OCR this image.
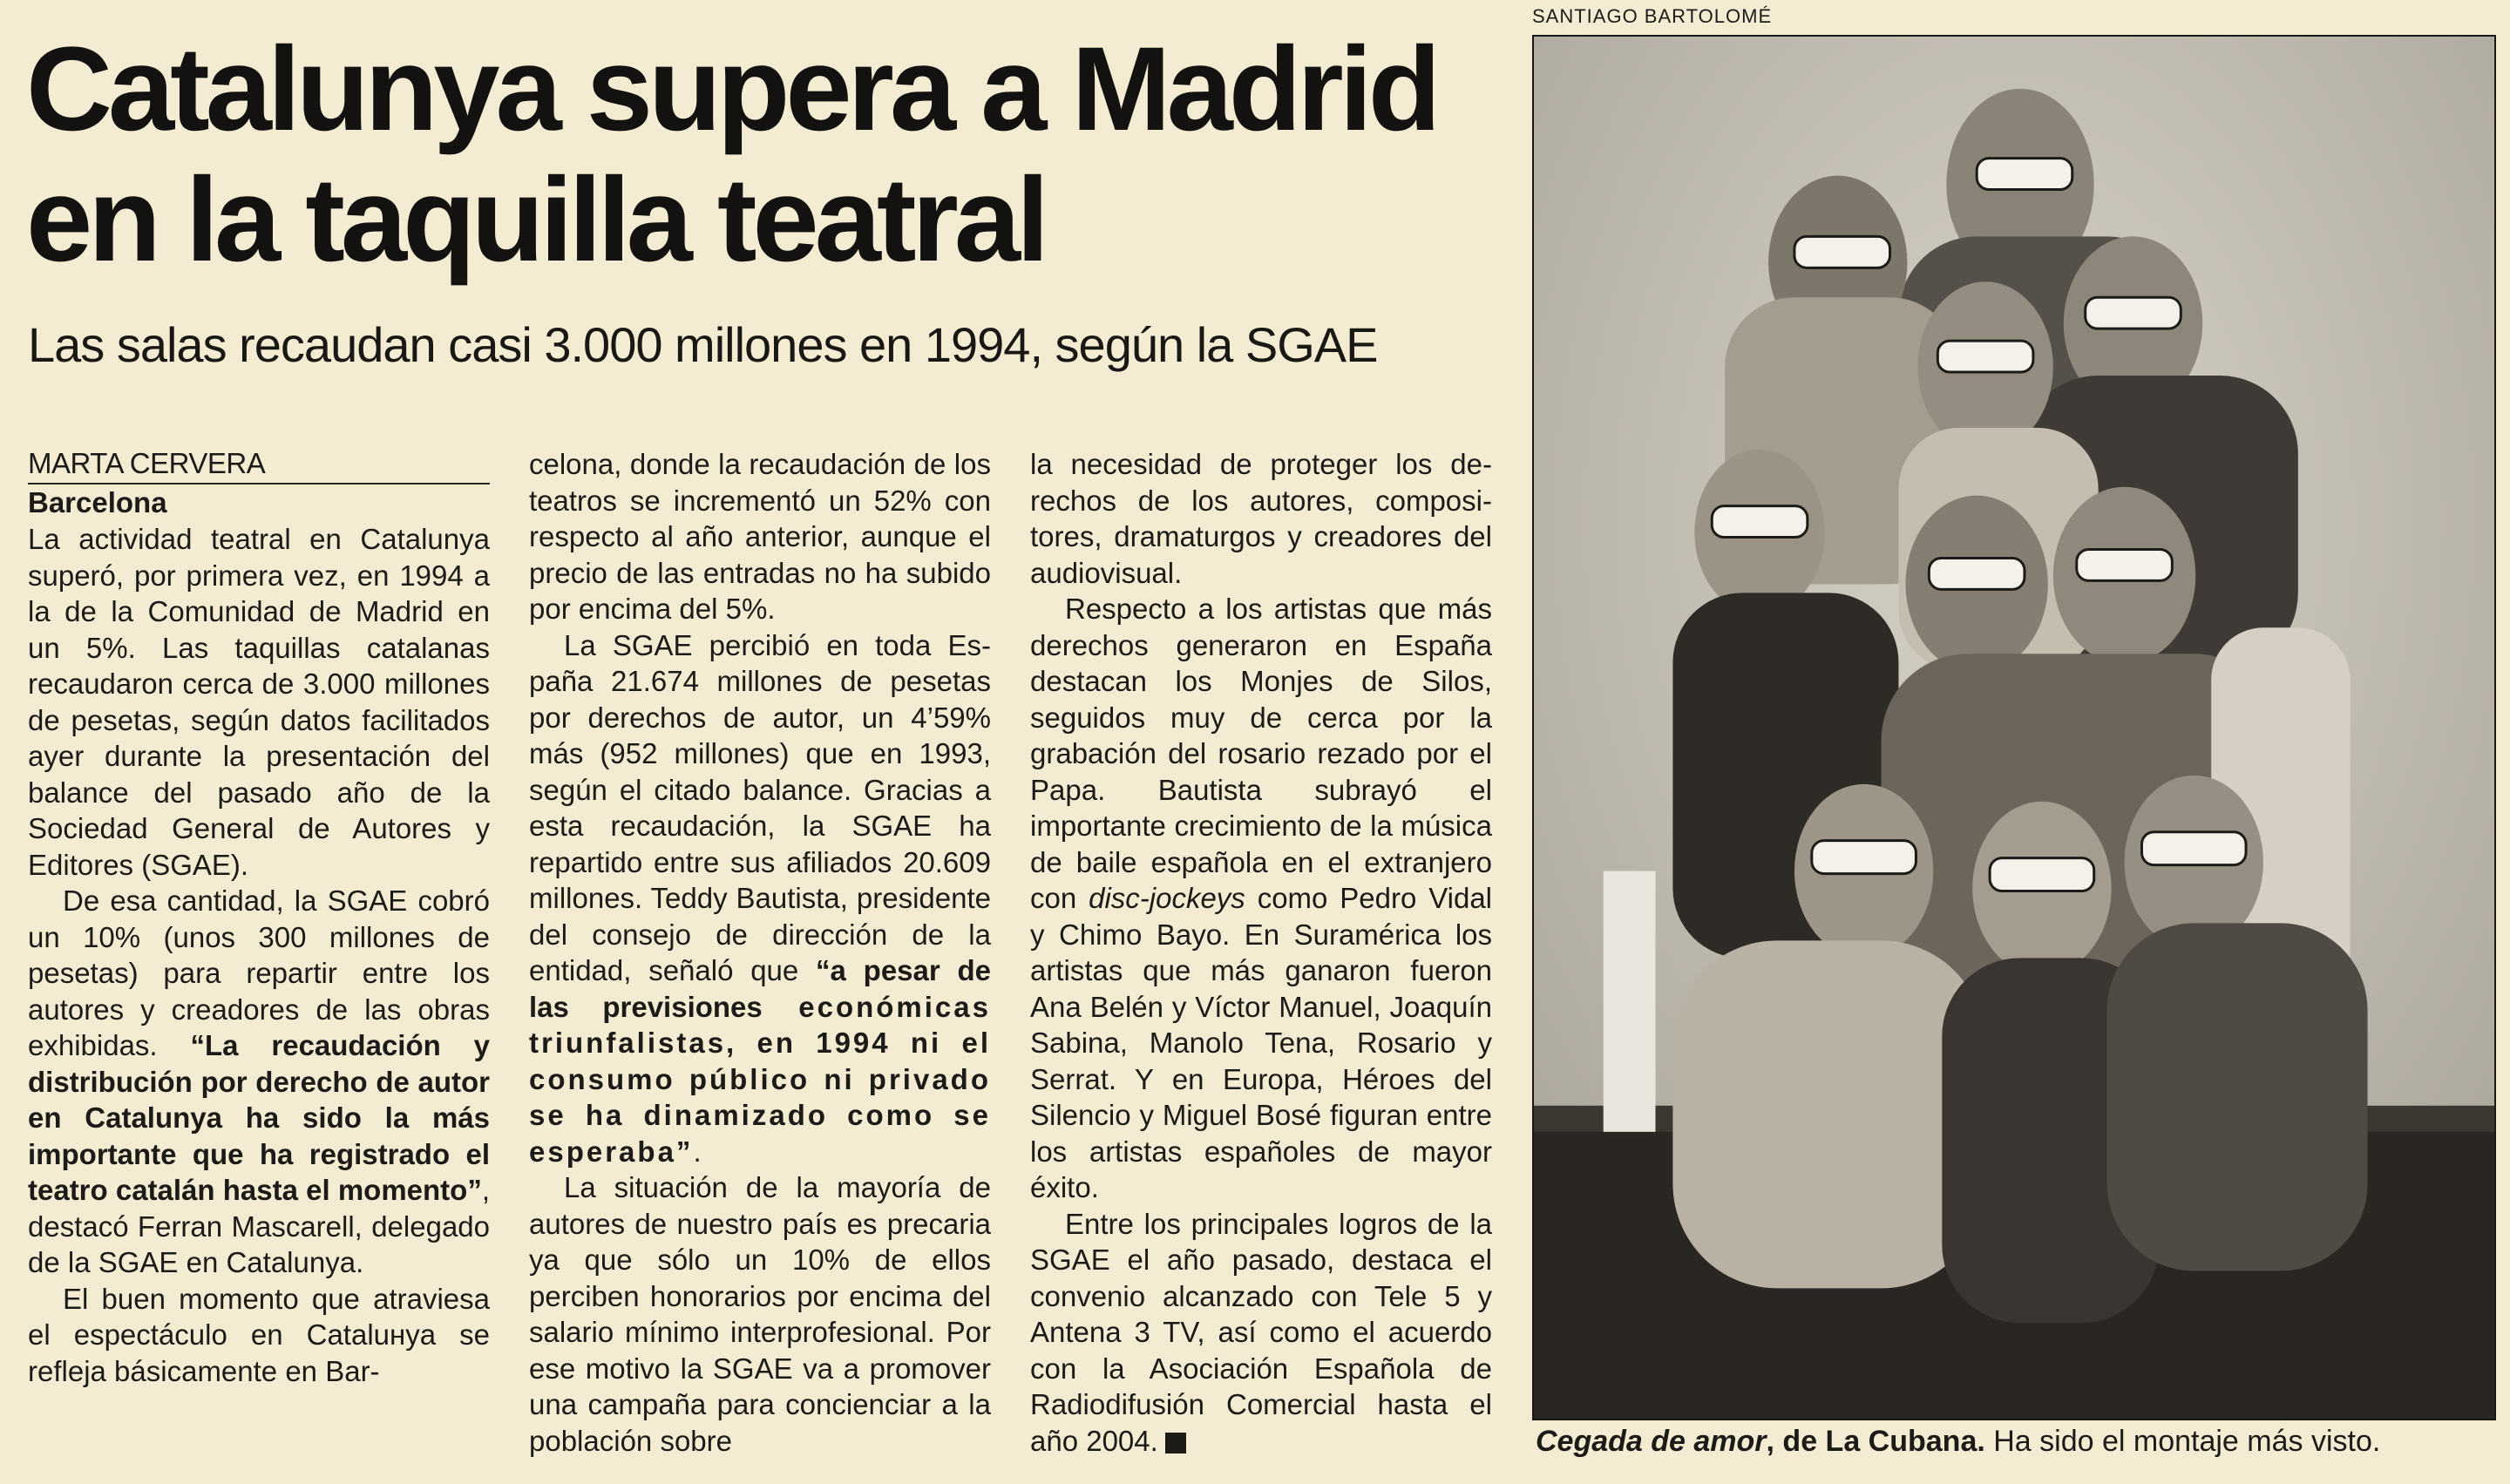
Catalunya supera a Madrid en la taquilla teatral
Las salas recaudan casi 3.000 millones en 1994, según la SGAE

MARTA CERVERA

Barcelona

La actividad teatral en Catalunya superó, por primera vez, en 1994 a la de la Comunidad de Madrid en un 5%. Las taquillas catalanas recaudaron cerca de 3.000 millones de pesetas, según datos facilitados ayer durante la presentación del balance del pasado año de la Sociedad General de Autores y Editores (SGAE).

De esa cantidad, la SGAE cobró un 10% (unos 300 millones de pesetas) para repartir entre los autores y creadores de las obras exhibidas. “La recaudación y distribución por derecho de autor en Catalunya ha sido la más importante que ha registrado el teatro catalán hasta el momento”, destacó Ferran Mascarell, delegado de la SGAE en Catalunya.

El buen momento que atraviesa el espectáculo en Cataluнya se refleja básicamente en Bar-

celona, donde la recaudación de los teatros se incrementó un 52% con respecto al año anterior, aunque el precio de las entradas no ha subido por encima del 5%.

La SGAE percibió en toda España 21.674 millones de pesetas por derechos de autor, un 4’59% más (952 millones) que en 1993, según el citado balance. Gracias a esta recaudación, la SGAE ha repartido entre sus afiliados 20.609 millones. Teddy Bautista, presidente del consejo de dirección de la entidad, señaló que “a pesar de las previsiones económicas triunfalistas, en 1994 ni el consumo público ni privado se ha dinamizado como se esperaba”.

La situación de la mayoría de autores de nuestro país es precaria ya que sólo un 10% de ellos perciben honorarios por encima del salario mínimo interprofesional. Por ese motivo la SGAE va a promover una campaña para concienciar a la población sobre

la necesidad de proteger los derechos de los autores, compositores, dramaturgos y creadores del audiovisual.

Respecto a los artistas que más derechos generaron en España destacan los Monjes de Silos, seguidos muy de cerca por la grabación del rosario rezado por el Papa. Bautista subrayó el importante crecimiento de la música de baile española en el extranjero con disc-jockeys como Pedro Vidal y Chimo Bayo. En Suramérica los artistas que más ganaron fueron Ana Belén y Víctor Manuel, Joaquín Sabina, Manolo Tena, Rosario y Serrat. Y en Europa, Héroes del Silencio y Miguel Bosé figuran entre los artistas españoles de mayor éxito.

Entre los principales logros de la SGAE el año pasado, destaca el convenio alcanzado con Tele 5 y Antena 3 TV, así como el acuerdo con la Asociación Española de Radiodifusión Comercial hasta el año 2004.

SANTIAGO BARTOLOMÉ

Cegada de amor, de La Cubana. Ha sido el montaje más visto.
